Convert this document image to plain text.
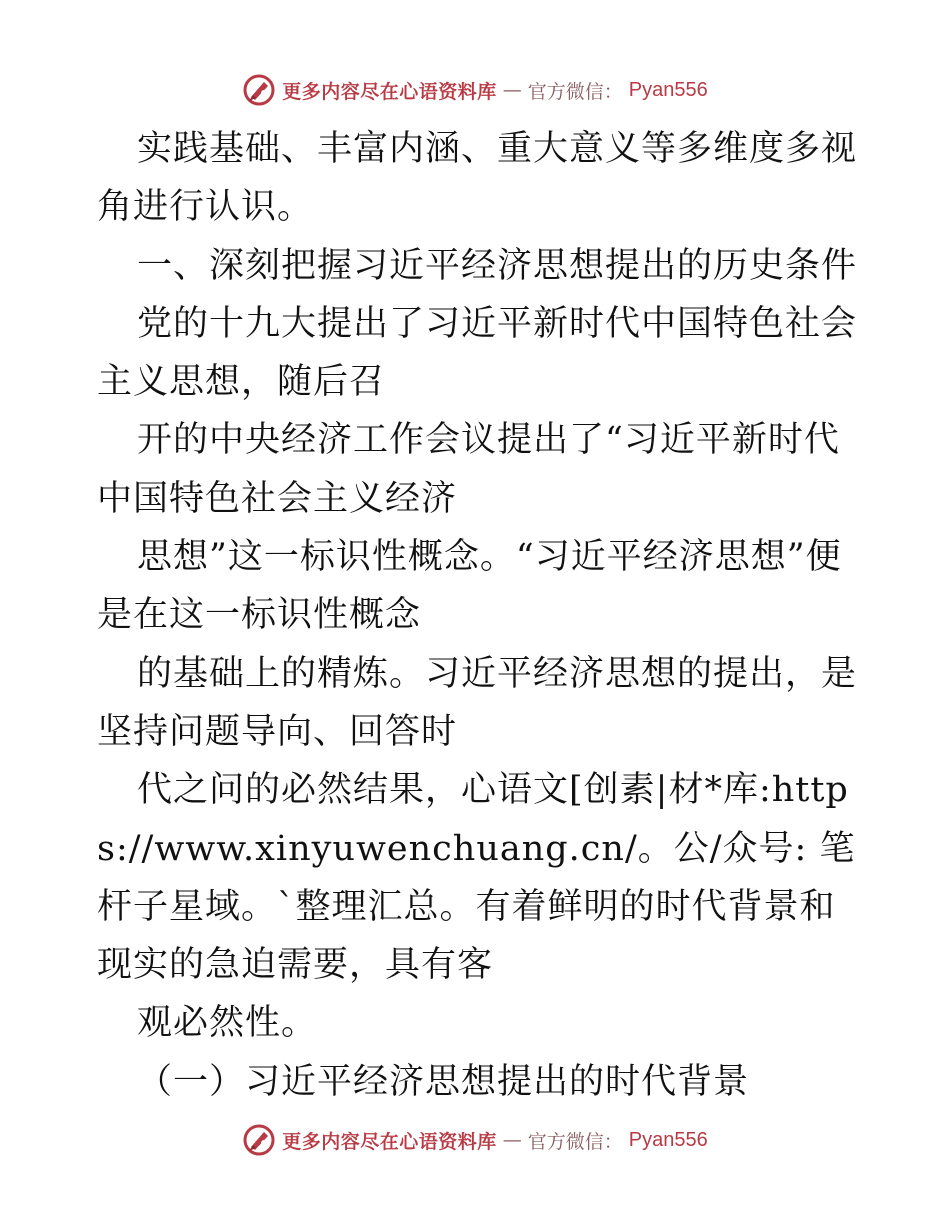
更多内容尽在心语资料库 — 官方微信： Pyan556

实践基础、丰富内涵、重大意义等多维度多视角进行认识。

一、深刻把握习近平经济思想提出的历史条件

党的十九大提出了习近平新时代中国特色社会主义思想，随后召

开的中央经济工作会议提出了“习近平新时代中国特色社会主义经济

思想”这一标识性概念。“习近平经济思想”便是在这一标识性概念

的基础上的精炼。习近平经济思想的提出，是坚持问题导向、回答时

代之问的必然结果，心语文[创素|材*库:https://www.xinyuwenchuang.cn/。公/众号: 笔杆子星域。`整理汇总。有着鲜明的时代背景和现实的急迫需要，具有客

观必然性。

（一）习近平经济思想提出的时代背景

更多内容尽在心语资料库 — 官方微信： Pyan556
